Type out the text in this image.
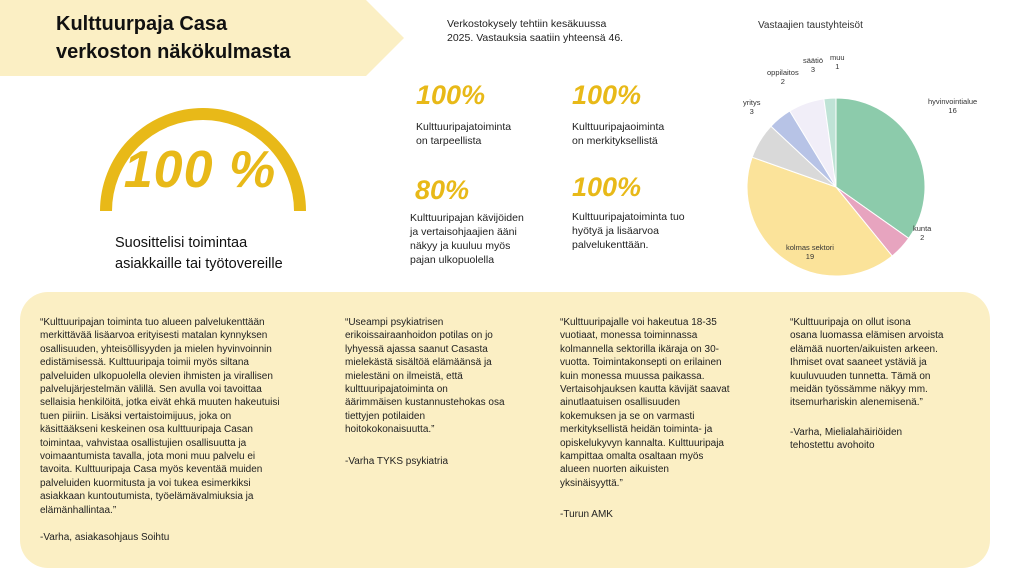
Kulttuurpaja Casa
verkoston näkökulmasta
100 %
Suosittelisi toimintaa
asiakkaille tai työtovereille
Verkostokysely tehtiin kesäkuussa
2025. Vastauksia saatiin yhteensä 46.
100%
Kulttuuripajatoiminta
on tarpeellista
100%
Kulttuuripajaoiminta
on merkityksellistä
80%
Kulttuuripajan kävijöiden
ja vertaisohjaajien ääni
näkyy ja kuuluu myös
pajan ulkopuolella
100%
Kulttuuripajatoiminta tuo
hyötyä ja lisäarvoa
palvelukenttään.
Vastaajien taustyhteisöt
hyvinvointialue
16
kunta
2
kolmas sektori
19
yritys
3
oppilaitos
2
säätiö
3
muu
1
“Kulttuuripajan toiminta tuo alueen palvelukenttään
merkittävää lisäarvoa erityisesti matalan kynnyksen
osallisuuden, yhteisöllisyyden ja mielen hyvinvoinnin
edistämisessä. Kulttuuripaja toimii myös siltana
palveluiden ulkopuolella olevien ihmisten ja virallisen
palvelujärjestelmän välillä. Sen avulla voi tavoittaa
sellaisia henkilöitä, jotka eivät ehkä muuten hakeutuisi
tuen piiriin. Lisäksi vertaistoimijuus, joka on
käsittääkseni keskeinen osa kulttuuripaja Casan
toimintaa, vahvistaa osallistujien osallisuutta ja
voimaantumista tavalla, jota moni muu palvelu ei
tavoita. Kulttuuripaja Casa myös keventää muiden
palveluiden kuormitusta ja voi tukea esimerkiksi
asiakkaan kuntoutumista, työelämävalmiuksia ja
elämänhallintaa.”
-Varha, asiakasohjaus Soihtu
“Useampi psykiatrisen
erikoissairaanhoidon potilas on jo
lyhyessä ajassa saanut Casasta
mielekästä sisältöä elämäänsä ja
mielestäni on ilmeistä, että
kulttuuripajatoiminta on
äärimmäisen kustannustehokas osa
tiettyjen potilaiden
hoitokokonaisuutta.”
-Varha TYKS psykiatria
“Kulttuuripajalle voi hakeutua 18-35
vuotiaat, monessa toiminnassa
kolmannella sektorilla ikäraja on 30-
vuotta. Toimintakonsepti on erilainen
kuin monessa muussa paikassa.
Vertaisohjauksen kautta kävijät saavat
ainutlaatuisen osallisuuden
kokemuksen ja se on varmasti
merkityksellistä heidän toiminta- ja
opiskelukyvyn kannalta. Kulttuuripaja
kampittaa omalta osaltaan myös
alueen nuorten aikuisten
yksinäisyyttä.”
-Turun AMK
“Kulttuuripaja on ollut isona
osana luomassa elämisen arvoista
elämää nuorten/aikuisten arkeen.
Ihmiset ovat saaneet ystäviä ja
kuuluvuuden tunnetta. Tämä on
meidän työssämme näkyy mm.
itsemurhariskin alenemisenä.”
-Varha, Mielialahäiriöiden
tehostettu avohoito
